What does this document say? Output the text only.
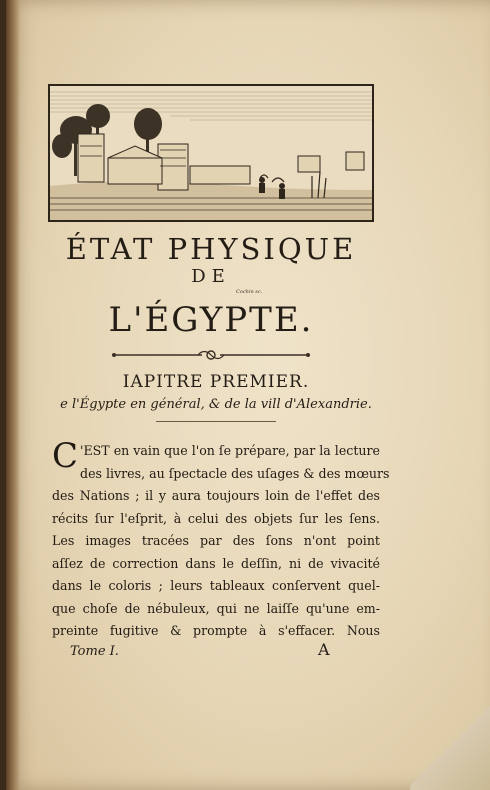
Cochin sc.
ÉTAT PHYSIQUE
DE
L'ÉGYPTE.
IAPITRE PREMIER.
e l'Égypte en général, & de la vill d'Alexandrie.
C 'EST en vain que l'on ſe prépare, par la lecture
des livres, au ſpectacle des uſages & des mœurs
des Nations ; il y aura toujours loin de l'effet des
récits ſur l'eſprit, à celui des objets ſur les ſens.
Les images tracées par des ſons n'ont point
aſſez de correction dans le deſſin, ni de vivacité
dans le coloris ; leurs tableaux conſervent quel-
que choſe de nébuleux, qui ne laiſſe qu'une em-
preinte fugitive & prompte à s'effacer. Nous
Tome I.	A
